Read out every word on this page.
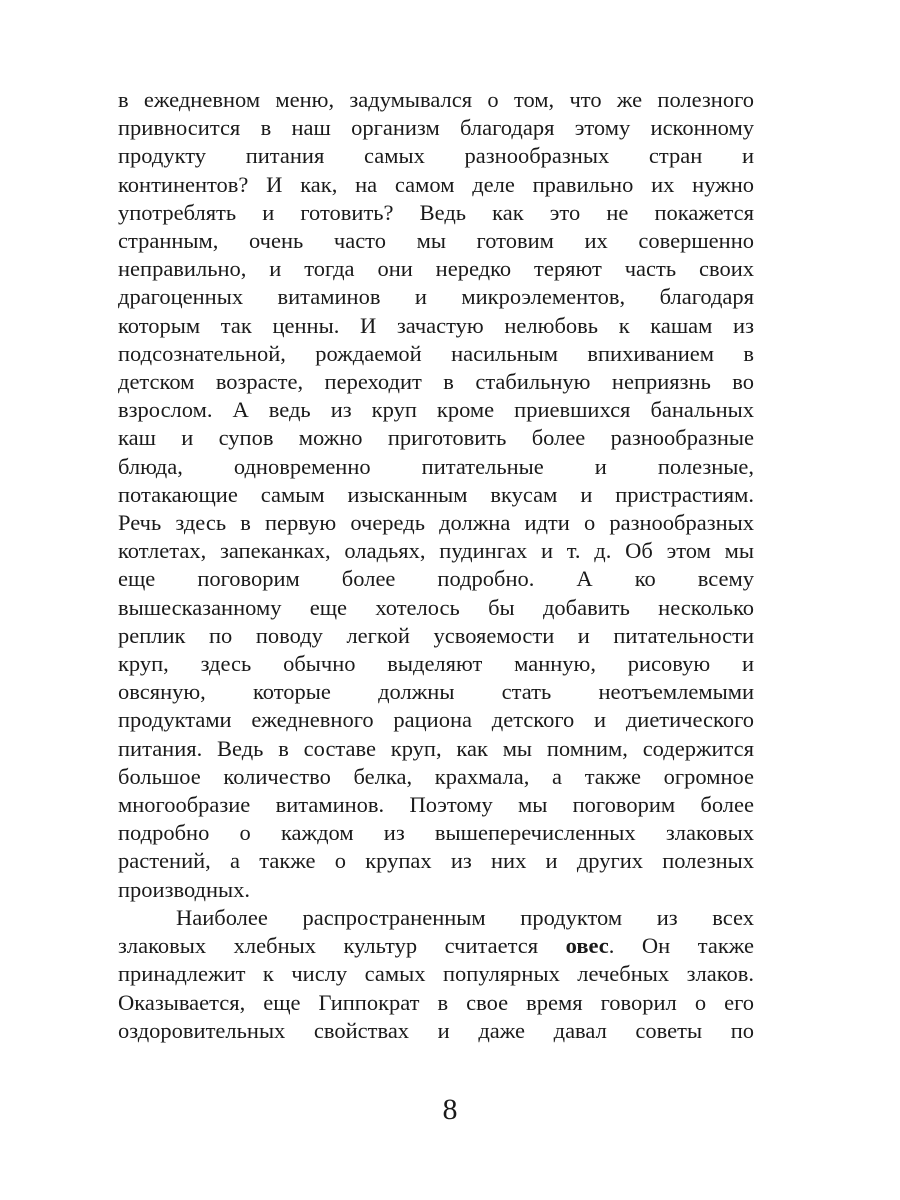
в ежедневном меню, задумывался о том, что же полезного
привносится в наш организм благодаря этому исконному
продукту питания самых разнообразных стран и
континентов? И как, на самом деле правильно их нужно
употреблять и готовить? Ведь как это не покажется
странным, очень часто мы готовим их совершенно
неправильно, и тогда они нередко теряют часть своих
драгоценных витаминов и микроэлементов, благодаря
которым так ценны. И зачастую нелюбовь к кашам из
подсознательной, рождаемой насильным впихиванием в
детском возрасте, переходит в стабильную неприязнь во
взрослом. А ведь из круп кроме приевшихся банальных
каш и супов можно приготовить более разнообразные
блюда, одновременно питательные и полезные,
потакающие самым изысканным вкусам и пристрастиям.
Речь здесь в первую очередь должна идти о разнообразных
котлетах, запеканках, оладьях, пудингах и т. д. Об этом мы
еще поговорим более подробно. А ко всему
вышесказанному еще хотелось бы добавить несколько
реплик по поводу легкой усвояемости и питательности
круп, здесь обычно выделяют манную, рисовую и
овсяную, которые должны стать неотъемлемыми
продуктами ежедневного рациона детского и диетического
питания. Ведь в составе круп, как мы помним, содержится
большое количество белка, крахмала, а также огромное
многообразие витаминов. Поэтому мы поговорим более
подробно о каждом из вышеперечисленных злаковых
растений, а также о крупах из них и других полезных
производных.
Наиболее распространенным продуктом из всех
злаковых хлебных культур считается овес. Он также
принадлежит к числу самых популярных лечебных злаков.
Оказывается, еще Гиппократ в свое время говорил о его
оздоровительных свойствах и даже давал советы по
8
